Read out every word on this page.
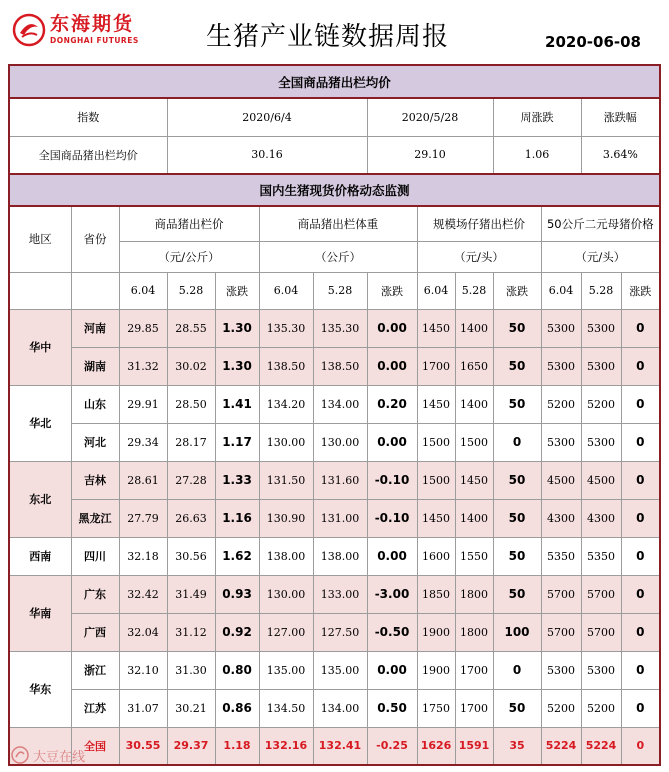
东海期货
DONGHAI FUTURES	生猪产业链数据周报	2020-06-08
全国商品猪出栏均价													
指数			2020/6/4				2020/5/28			周涨跌		涨跌幅	
全国商品猪出栏均价			30.16				29.10			1.06		3.64%	
国内生猪现货价格动态监测													
地区	省份	商品猪出栏价			商品猪出栏体重			规模场仔猪出栏价			50公斤二元母猪价格		
		（元/公斤）			（公斤）			（元/头）			（元/头）		
		6.04	5.28	涨跌	6.04	5.28	涨跌	6.04	5.28	涨跌	6.04	5.28	涨跌
华中	河南	29.85	28.55	1.30	135.30	135.30	0.00	1450	1400	50	5300	5300	0
	湖南	31.32	30.02	1.30	138.50	138.50	0.00	1700	1650	50	5300	5300	0
华北	山东	29.91	28.50	1.41	134.20	134.00	0.20	1450	1400	50	5200	5200	0
	河北	29.34	28.17	1.17	130.00	130.00	0.00	1500	1500	0	5300	5300	0
东北	吉林	28.61	27.28	1.33	131.50	131.60	-0.10	1500	1450	50	4500	4500	0
	黑龙江	27.79	26.63	1.16	130.90	131.00	-0.10	1450	1400	50	4300	4300	0
西南	四川	32.18	30.56	1.62	138.00	138.00	0.00	1600	1550	50	5350	5350	0
华南	广东	32.42	31.49	0.93	130.00	133.00	-3.00	1850	1800	50	5700	5700	0
	广西	32.04	31.12	0.92	127.00	127.50	-0.50	1900	1800	100	5700	5700	0
华东	浙江	32.10	31.30	0.80	135.00	135.00	0.00	1900	1700	0	5300	5300	0
	江苏	31.07	30.21	0.86	134.50	134.00	0.50	1750	1700	50	5200	5200	0
	全国	30.55	29.37	1.18	132.16	132.41	-0.25	1626	1591	35	5224	5224	0
大豆在线
